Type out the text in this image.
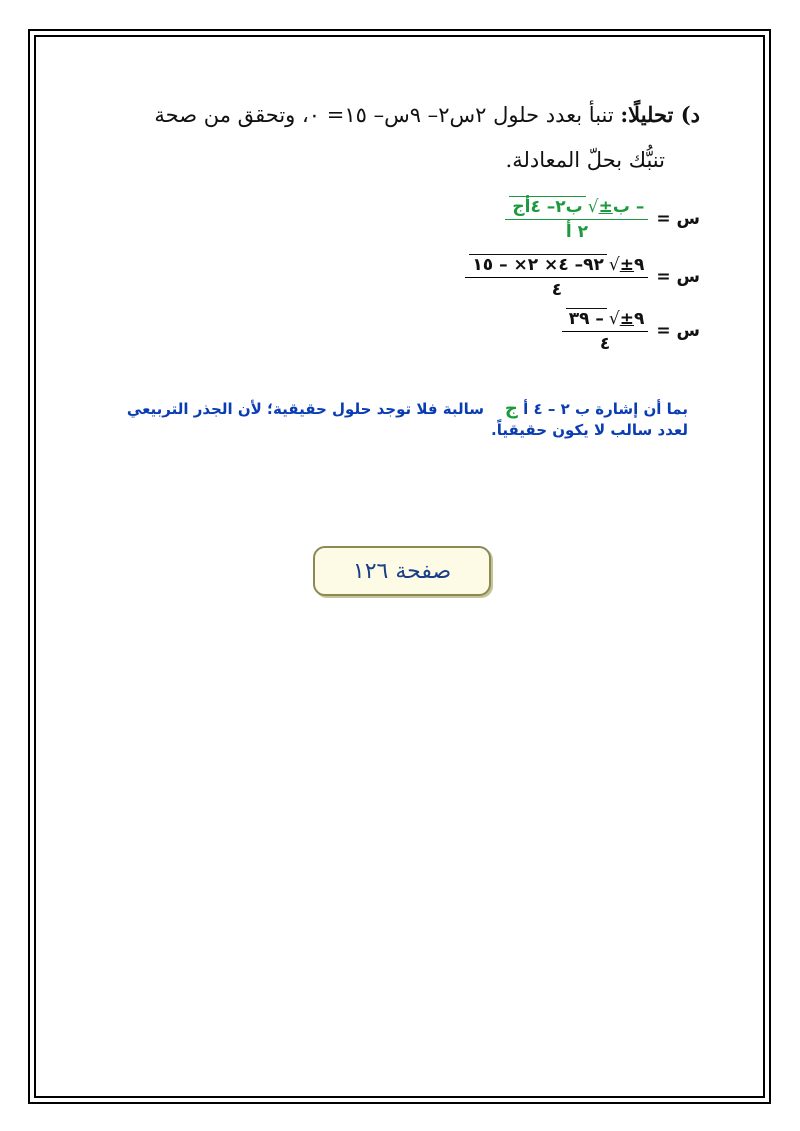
د) تحليلًا: تنبأ بعدد حلول ٢س٢– ٩س– ١٥= ٠، وتحقق من صحة
تنبُّك بحلّ المعادلة.
س =
– ب
±
√
ب٢– ٤أج
٢ أ
س =
٩
±
√
٩٢– ٤× ٢× – ١٥
٤
س =
٩
±
√
– ٣٩
٤
بما أن إشارة ب ٢ – ٤ أ ج    سالبة فلا توجد حلول حقيقية؛ لأن الجذر التربيعي
لعدد سالب لا يكون حقيقياً.
صفحة ١٢٦
